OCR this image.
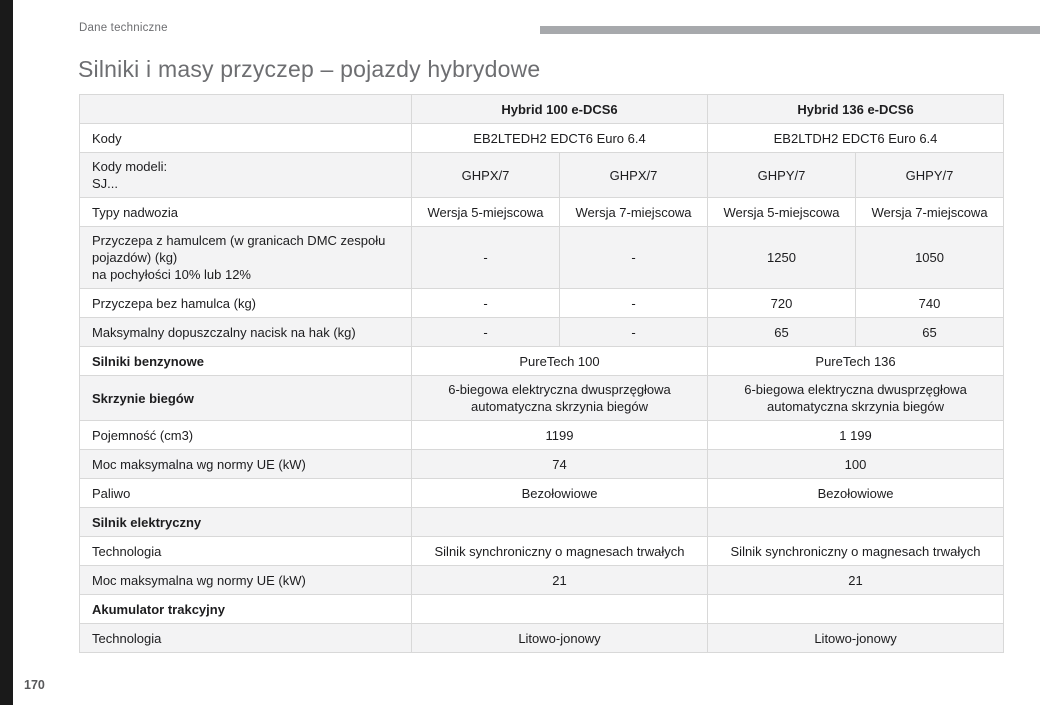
Dane techniczne
Silniki i masy przyczep – pojazdy hybrydowe
	Hybrid 100 e-DCS6		Hybrid 136 e-DCS6	

Kody	EB2LTEDH2 EDCT6 Euro 6.4		EB2LTDH2 EDCT6 Euro 6.4	

Kody modeli:
SJ...	GHPX/7	GHPX/7	GHPY/7	GHPY/7

Typy nadwozia	Wersja 5-miejscowa	Wersja 7-miejscowa	Wersja 5-miejscowa	Wersja 7-miejscowa

Przyczepa z hamulcem (w granicach DMC zespołu pojazdów) (kg)
na pochyłości 10% lub 12%	-	-	1250	1050

Przyczepa bez hamulca (kg)	-	-	720	740

Maksymalny dopuszczalny nacisk na hak (kg)	-	-	65	65

Silniki benzynowe	PureTech 100		PureTech 136	

Skrzynie biegów	6-biegowa elektryczna dwusprzęgłowa automatyczna skrzynia biegów		6-biegowa elektryczna dwusprzęgłowa automatyczna skrzynia biegów	

Pojemność (cm3)	1199		1 199	

Moc maksymalna wg normy UE (kW)	74		100	

Paliwo	Bezołowiowe		Bezołowiowe	

Silnik elektryczny				

Technologia	Silnik synchroniczny o magnesach trwałych		Silnik synchroniczny o magnesach trwałych	

Moc maksymalna wg normy UE (kW)	21		21	

Akumulator trakcyjny				

Technologia	Litowo-jonowy		Litowo-jonowy	
170
